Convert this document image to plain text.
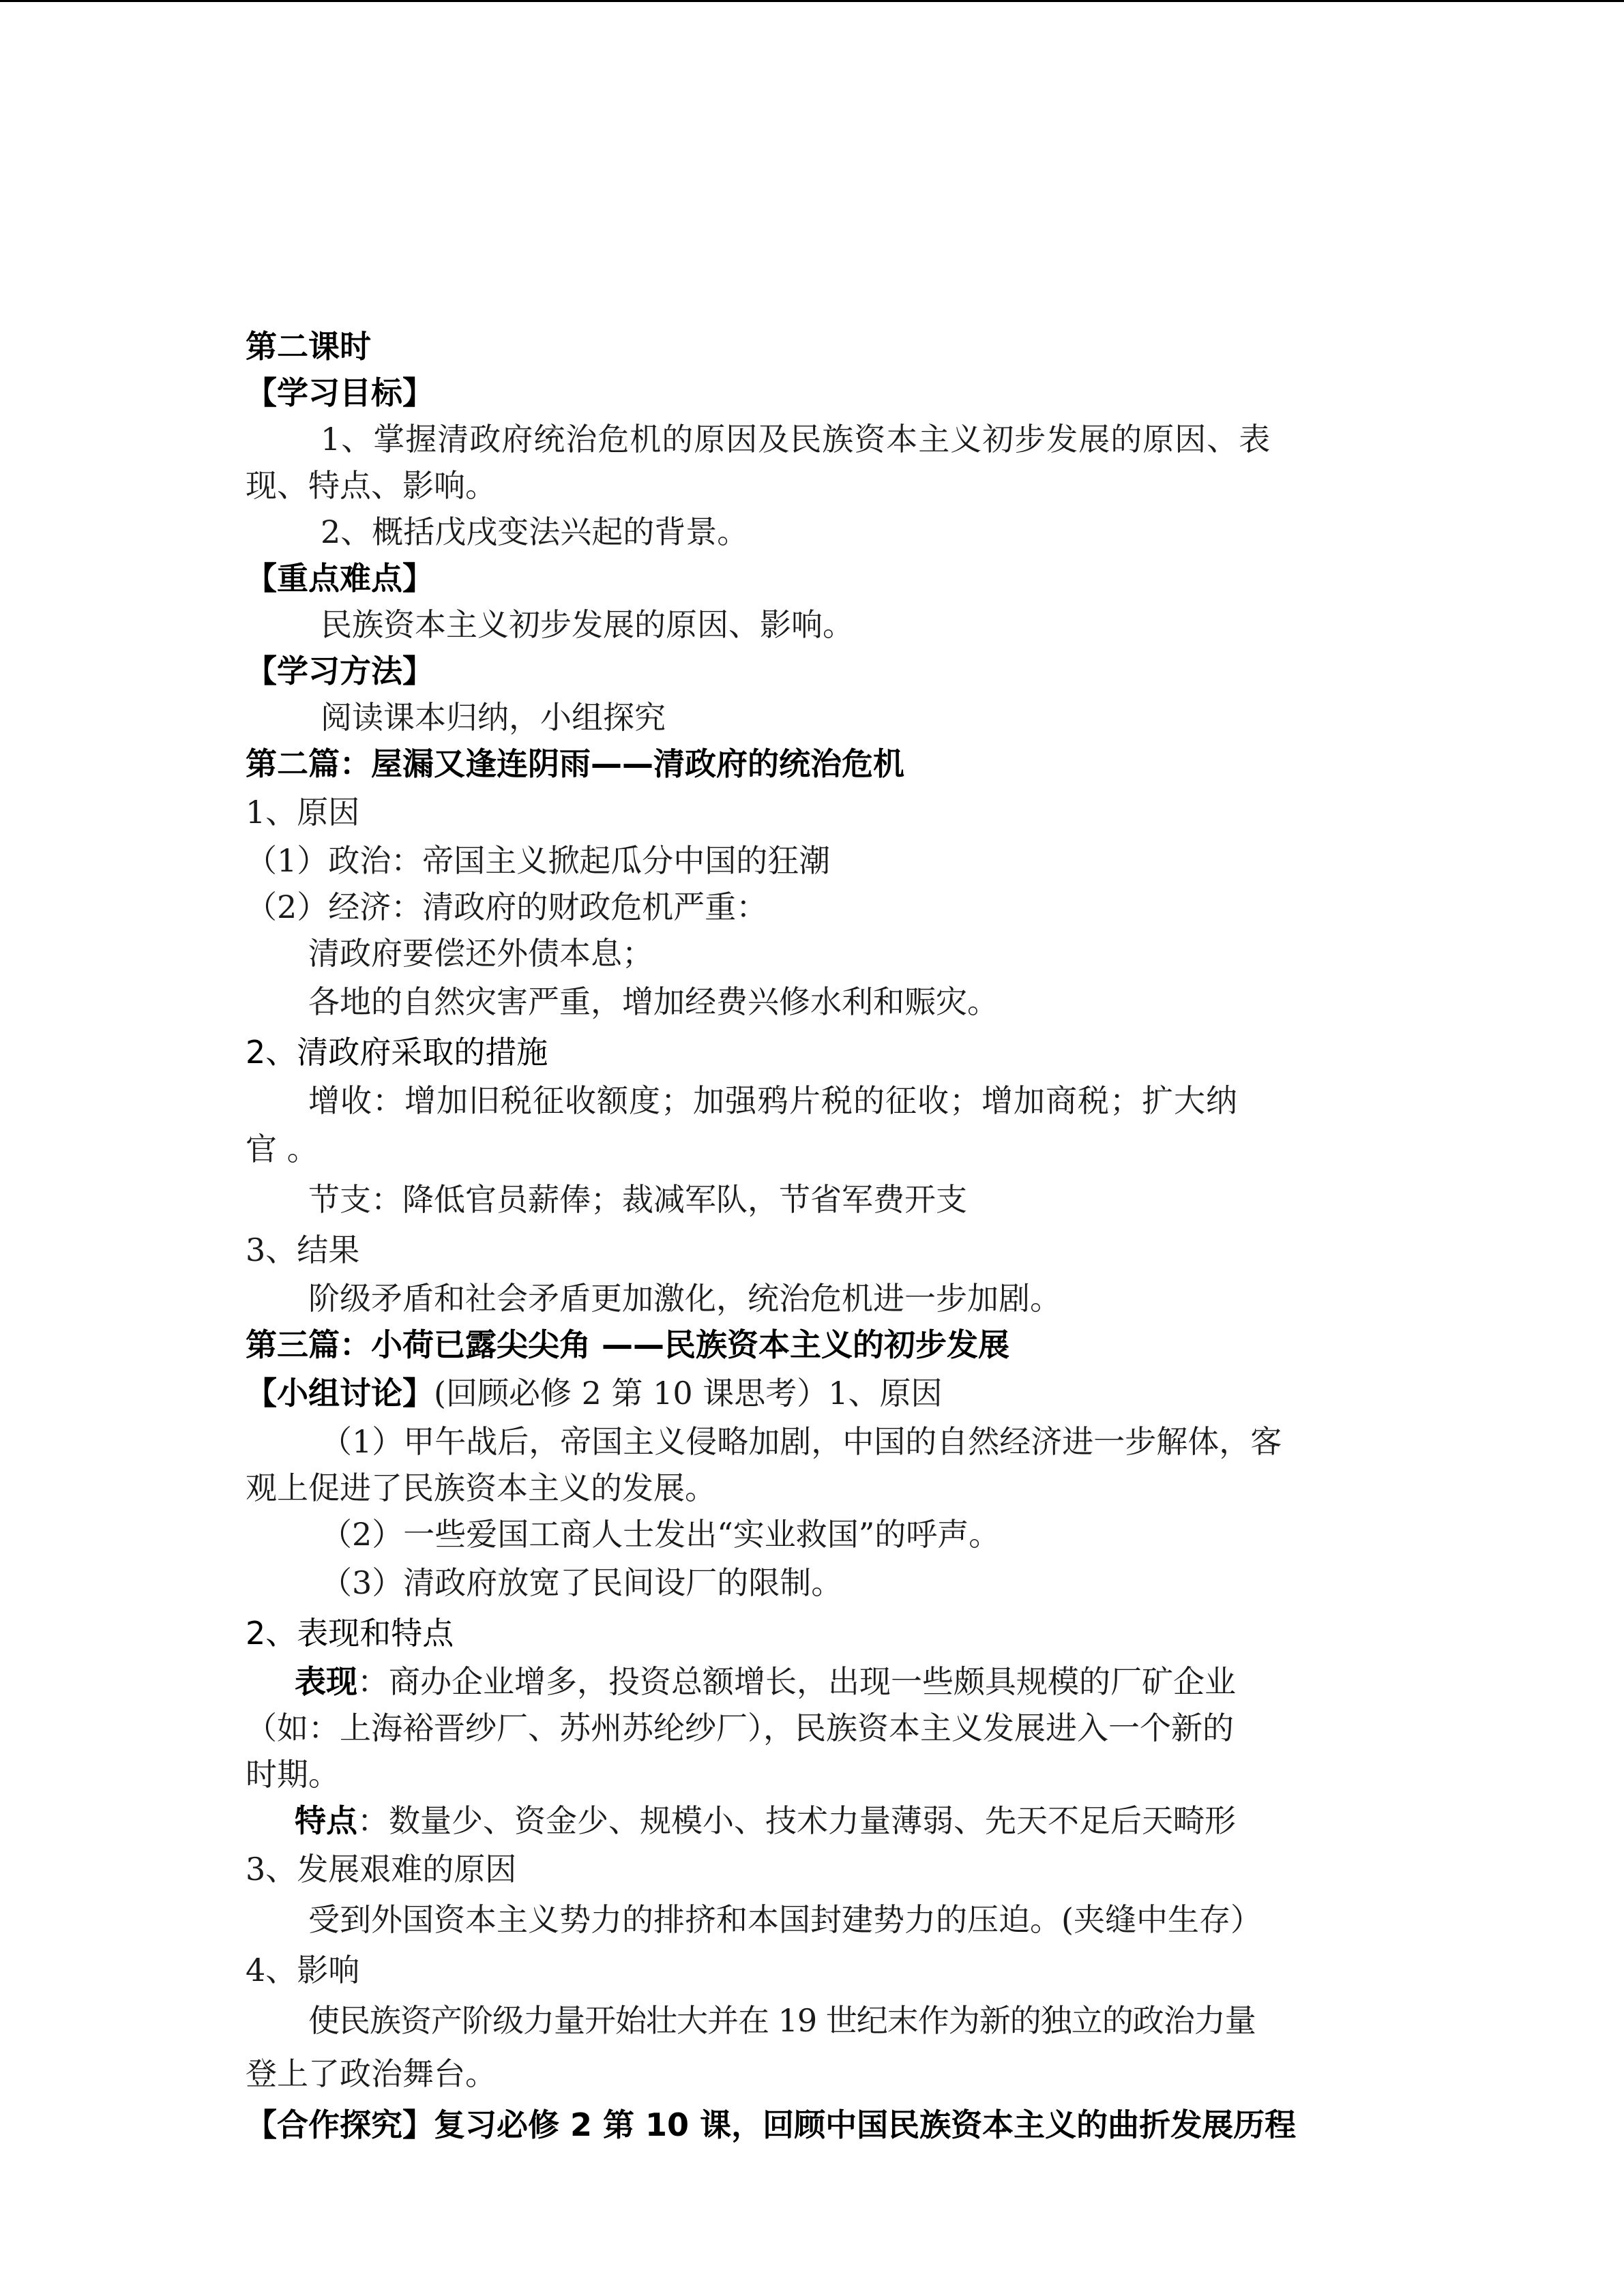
第二课时
【学习目标】
1、掌握清政府统治危机的原因及民族资本主义初步发展的原因、表
现、特点、影响。
2、概括戊戌变法兴起的背景。
【重点难点】
民族资本主义初步发展的原因、影响。
【学习方法】
阅读课本归纳，小组探究
第二篇：屋漏又逢连阴雨——清政府的统治危机
1、原因
（1）政治：帝国主义掀起瓜分中国的狂潮
（2）经济：清政府的财政危机严重：
清政府要偿还外债本息；
各地的自然灾害严重，增加经费兴修水利和赈灾。
2、清政府采取的措施
增收：增加旧税征收额度；加强鸦片税的征收；增加商税；扩大纳
官 。
节支：降低官员薪俸；裁减军队，节省军费开支
3、结果
阶级矛盾和社会矛盾更加激化，统治危机进一步加剧。
第三篇：小荷已露尖尖角 ——民族资本主义的初步发展
【小组讨论】(回顾必修 2 第 10 课思考）1、原因
（1）甲午战后，帝国主义侵略加剧，中国的自然经济进一步解体，客
观上促进了民族资本主义的发展。
（2）一些爱国工商人士发出“实业救国”的呼声。
（3）清政府放宽了民间设厂的限制。
2、表现和特点
表现：商办企业增多，投资总额增长，出现一些颇具规模的厂矿企业
（如：上海裕晋纱厂、苏州苏纶纱厂），民族资本主义发展进入一个新的
时期。
特点：数量少、资金少、规模小、技术力量薄弱、先天不足后天畸形
3、发展艰难的原因
受到外国资本主义势力的排挤和本国封建势力的压迫。(夹缝中生存）
4、影响
使民族资产阶级力量开始壮大并在 19 世纪末作为新的独立的政治力量
登上了政治舞台。
【合作探究】复习必修 2 第 10 课，回顾中国民族资本主义的曲折发展历程
